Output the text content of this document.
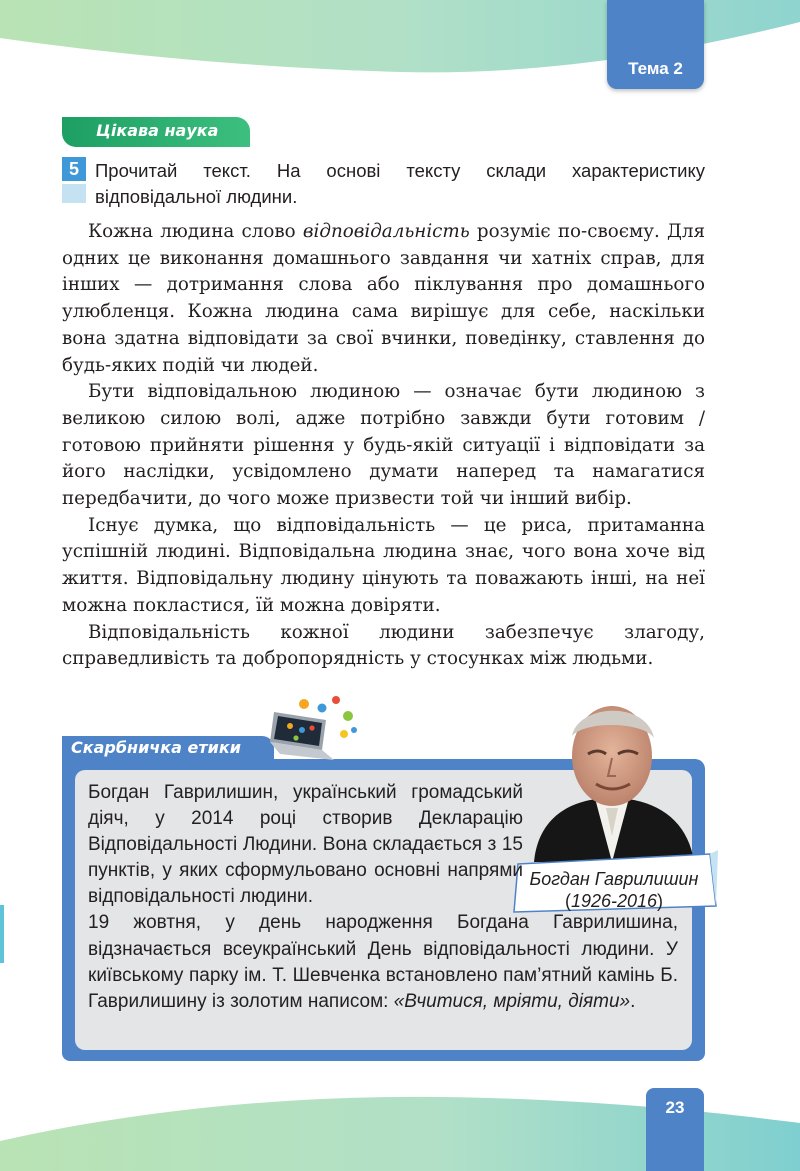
Тема 2
Цікава наука
5 Прочитай текст. На основі тексту склади характеристику відповідальної людини.

Кожна людина слово відповідальність розуміє по-своєму. Для одних це виконання домашнього завдання чи хатніх справ, для інших — дотримання слова або піклування про домашнього улюбленця. Кожна людина сама вирішує для себе, наскільки вона здатна відповідати за свої вчинки, поведінку, ставлення до будь-яких подій чи людей.

Бути відповідальною людиною — означає бути людиною з великою силою волі, адже потрібно завжди бути готовим / готовою прийняти рішення у будь-якій ситуації і відповідати за його наслідки, усвідомлено думати наперед та намагатися передбачити, до чого може призвести той чи інший вибір.

Існує думка, що відповідальність — це риса, притаманна успішній людині. Відповідальна людина знає, чого вона хоче від життя. Відповідальну людину цінують та поважають інші, на неї можна покластися, їй можна довіряти.

Відповідальність кожної людини забезпечує злагоду, справедливість та добропорядність у стосунках між людьми.

Скарбничка етики
Богдан Гаврилишин
(1926-2016)

Богдан Гаврилишин, український громадський діяч, у 2014 році створив Декларацію Відповідальності Людини. Вона складається з 15 пунктів, у яких сформульовано основні напрями відповідальності людини.

19 жовтня, у день народження Богдана Гаврилишина, відзначається всеукраїнський День відповідальності людини. У київському парку ім. Т. Шевченка встановлено пам’ятний камінь Б. Гаврилишину із золотим написом: «Вчитися, мріяти, діяти».

23
